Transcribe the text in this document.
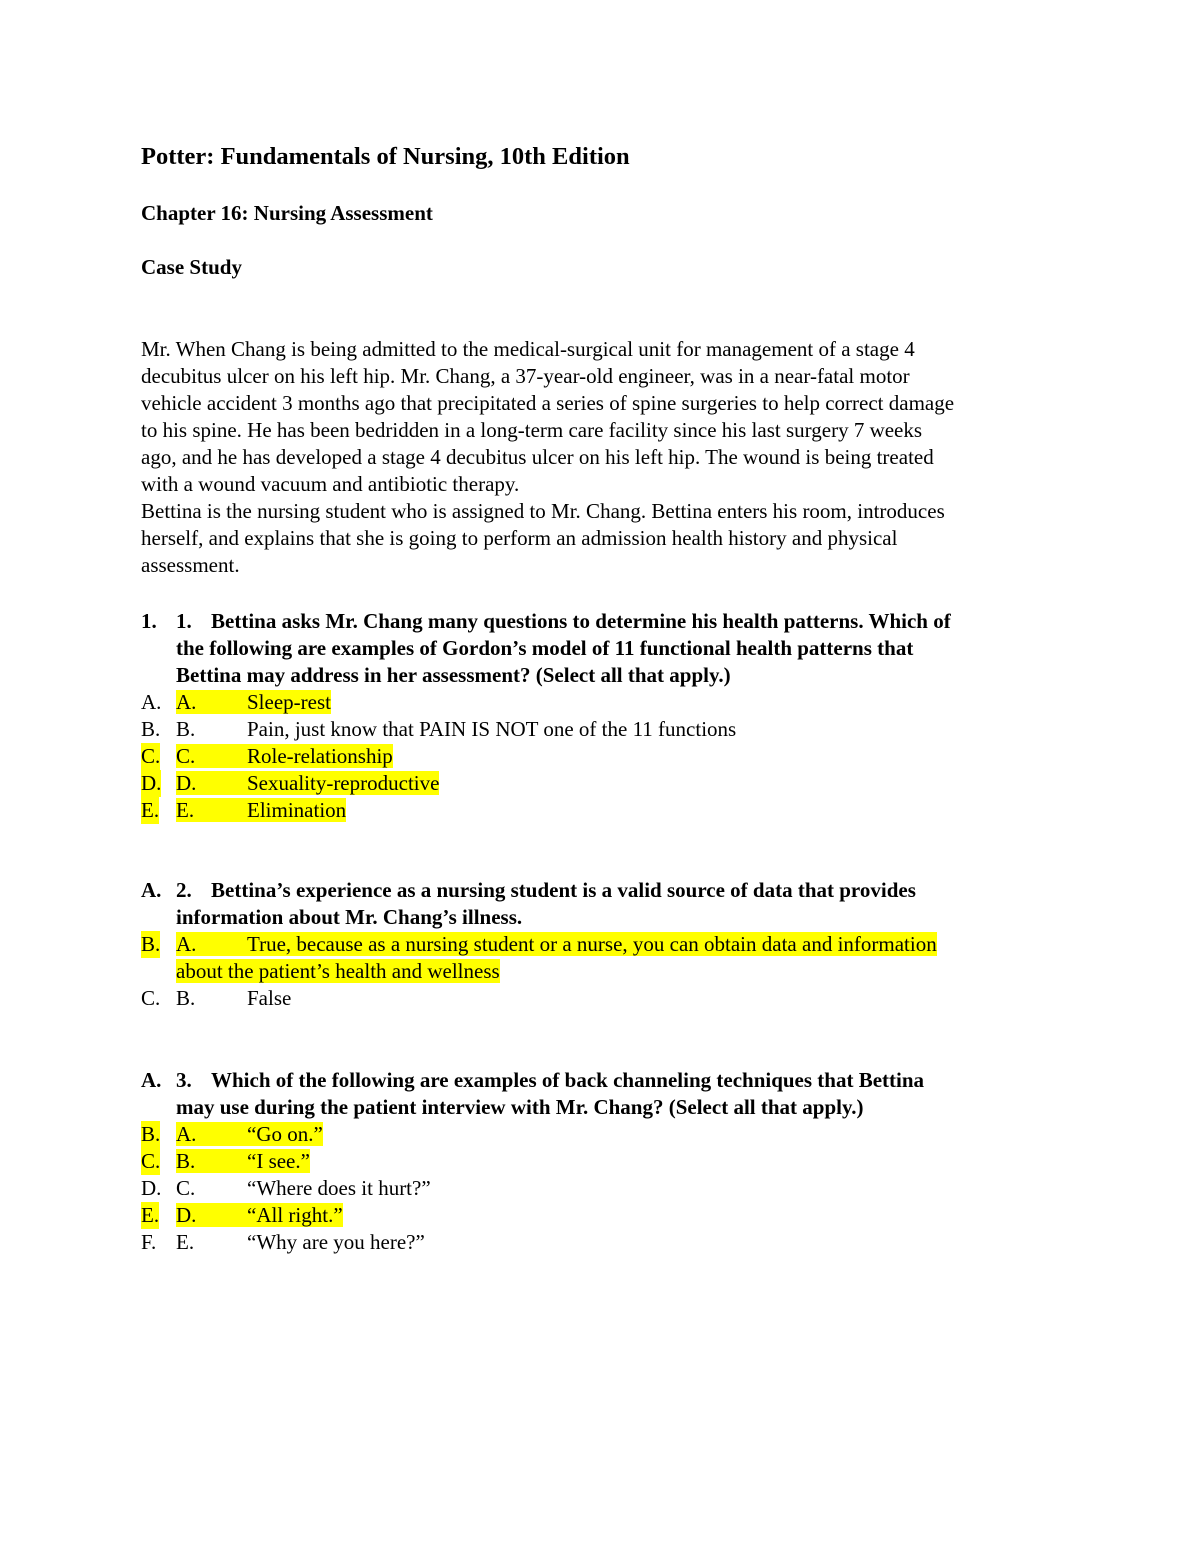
Potter: Fundamentals of Nursing, 10th Edition
Chapter 16: Nursing Assessment
Case Study
Mr. When Chang is being admitted to the medical-surgical unit for management of a stage 4
decubitus ulcer on his left hip. Mr. Chang, a 37-year-old engineer, was in a near-fatal motor
vehicle accident 3 months ago that precipitated a series of spine surgeries to help correct damage
to his spine. He has been bedridden in a long-term care facility since his last surgery 7 weeks
ago, and he has developed a stage 4 decubitus ulcer on his left hip. The wound is being treated
with a wound vacuum and antibiotic therapy.
Bettina is the nursing student who is assigned to Mr. Chang. Bettina enters his room, introduces
herself, and explains that she is going to perform an admission health history and physical
assessment.
1. 1. Bettina asks Mr. Chang many questions to determine his health patterns. Which of
the following are examples of Gordon’s model of 11 functional health patterns that
Bettina may address in her assessment? (Select all that apply.)
A. A. Sleep-rest
B. B. Pain, just know that PAIN IS NOT one of the 11 functions
C. C. Role-relationship
D. D. Sexuality-reproductive
E. E.	Elimination
A. 2. Bettina’s experience as a nursing student is a valid source of data that provides
information about Mr. Chang’s illness.
B. A. True, because as a nursing student or a nurse, you can obtain data and information
about the patient’s health and wellness
C. B. False
A. 3. Which of the following are examples of back channeling techniques that Bettina
may use during the patient interview with Mr. Chang? (Select all that apply.)
B. A. “Go on.”
C. B. “I see.”
D. C. “Where does it hurt?”
E. D. “All right.”
F. E.	“Why are you here?”
